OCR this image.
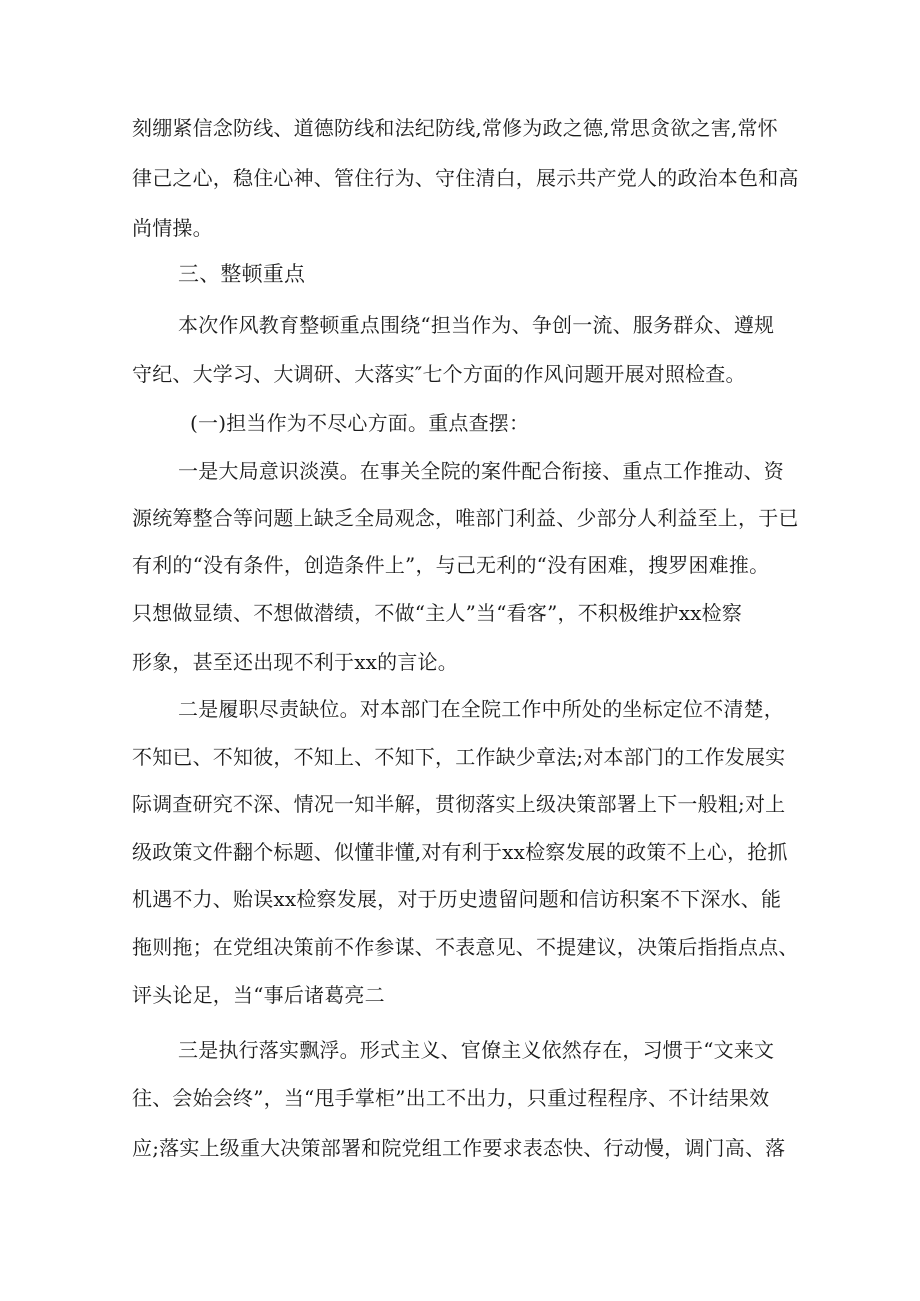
刻绷紧信念防线、道德防线和法纪防线,常修为政之德,常思贪欲之害,常怀
律己之心，稳住心神、管住行为、守住清白，展示共产党人的政治本色和高
尚情操。
三、整顿重点
本次作风教育整顿重点围绕“担当作为、争创一流、服务群众、遵规
守纪、大学习、大调研、大落实″七个方面的作风问题开展对照检查。
(一)担当作为不尽心方面。重点查摆：
一是大局意识淡漠。在事关全院的案件配合衔接、重点工作推动、资
源统筹整合等问题上缺乏全局观念，唯部门利益、少部分人利益至上，于已
有利的“没有条件，创造条件上”，与己无利的“没有困难，搜罗困难推。
只想做显绩、不想做潜绩，不做“主人”当“看客”，不积极维护xx检察
形象，甚至还出现不利于xx的言论。
二是履职尽责缺位。对本部门在全院工作中所处的坐标定位不清楚，
不知已、不知彼，不知上、不知下，工作缺少章法;对本部门的工作发展实
际调查研究不深、情况一知半解，贯彻落实上级决策部署上下一般粗;对上
级政策文件翻个标题、似懂非懂,对有利于xx检察发展的政策不上心，抢抓
机遇不力、贻误xx检察发展，对于历史遗留问题和信访积案不下深水、能
拖则拖；在党组决策前不作参谋、不表意见、不提建议，决策后指指点点、
评头论足，当“事后诸葛亮二
三是执行落实飘浮。形式主义、官僚主义依然存在，习惯于“文来文
往、会始会终”，当“甩手掌柜”出工不出力，只重过程程序、不计结果效
应;落实上级重大决策部署和院党组工作要求表态快、行动慢，调门高、落
